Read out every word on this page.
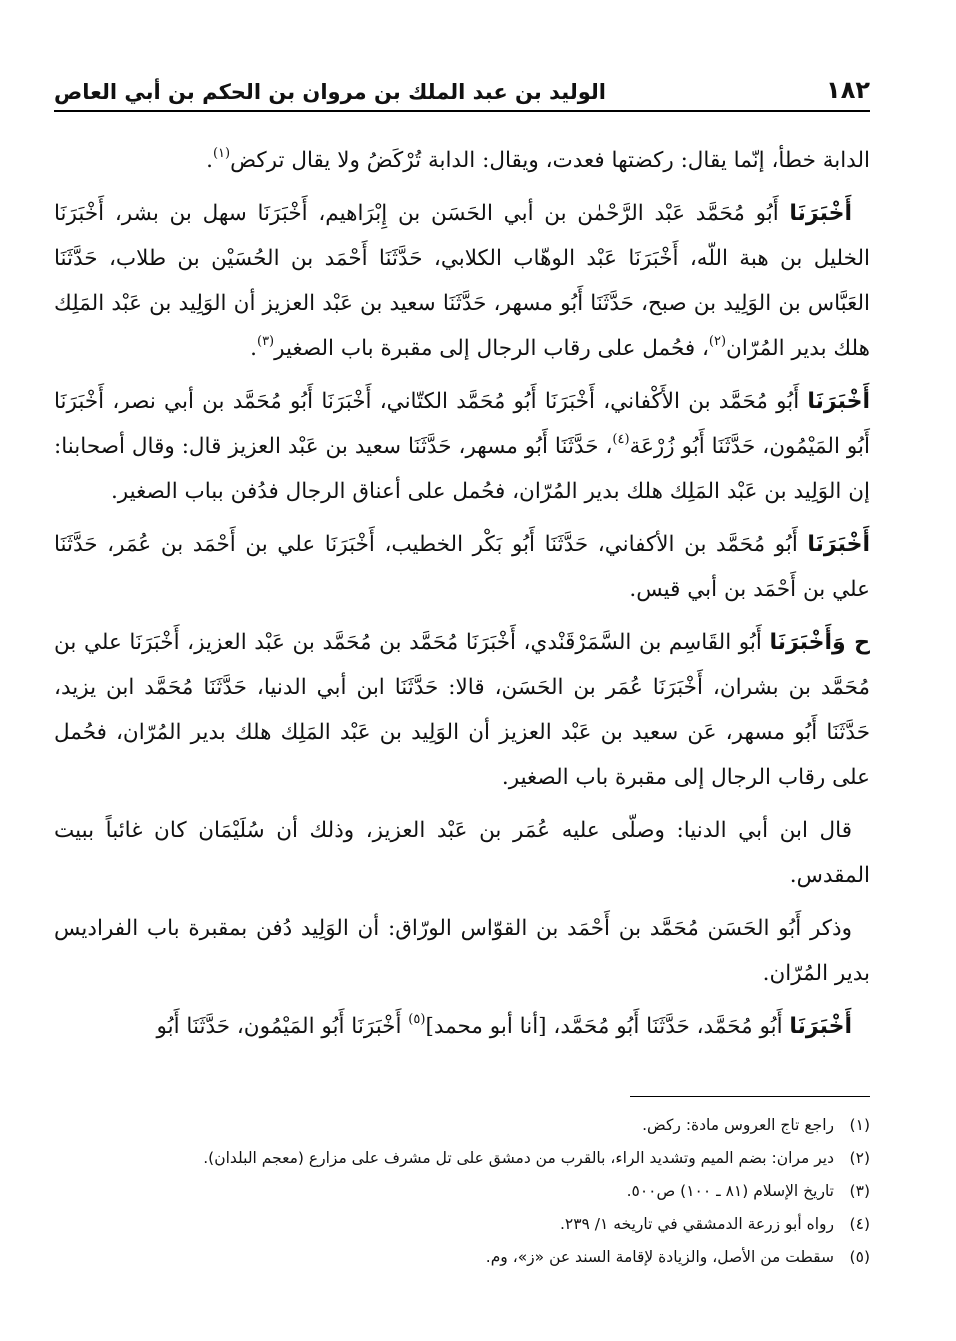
١٨٢
الوليد بن عبد الملك بن مروان بن الحكم بن أبي العاص

الدابة خطأ، إنّما يقال: ركضتها فعدت، ويقال: الدابة تُرْكَضُ ولا يقال تركض$^{(١)}$.

أَخْبَرَنَا أَبُو مُحَمَّد عَبْد الرَّحْمٰن بن أبي الحَسَن بن إِبْرَاهيم، أَخْبَرَنَا سهل بن بشر، أَخْبَرَنَا الخليل بن هبة اللّه، أَخْبَرَنَا عَبْد الوهّاب الكلابي، حَدَّثَنَا أَحْمَد بن الحُسَيْن بن طلاب، حَدَّثَنَا العَبَّاس بن الوَلِيد بن صبح، حَدَّثَنَا أَبُو مسهر، حَدَّثَنَا سعيد بن عَبْد العزيز أن الوَلِيد بن عَبْد المَلِك هلك بدير المُرّان$^{(٢)}$، فحُمل على رقاب الرجال إلى مقبرة باب الصغير$^{(٣)}$.

أَخْبَرَنَا أَبُو مُحَمَّد بن الأَكْفاني، أَخْبَرَنَا أَبُو مُحَمَّد الكتّاني، أَخْبَرَنَا أَبُو مُحَمَّد بن أبي نصر، أَخْبَرَنَا أَبُو المَيْمُون، حَدَّثَنَا أَبُو زُرْعَة$^{(٤)}$، حَدَّثَنَا أَبُو مسهر، حَدَّثَنَا سعيد بن عَبْد العزيز قال: وقال أصحابنا: إن الوَلِيد بن عَبْد المَلِك هلك بدير المُرّان، فحُمل على أعناق الرجال فدُفن بباب الصغير.

أَخْبَرَنَا أَبُو مُحَمَّد بن الأكفاني، حَدَّثَنَا أَبُو بَكْر الخطيب، أَخْبَرَنَا علي بن أَحْمَد بن عُمَر، حَدَّثَنَا علي بن أَحْمَد بن أبي قيس.

ح وَأَخْبَرَنَا أَبُو القَاسِم بن السَّمَرْقَنْدي، أَخْبَرَنَا مُحَمَّد بن مُحَمَّد بن عَبْد العزيز، أَخْبَرَنَا علي بن مُحَمَّد بن بشران، أَخْبَرَنَا عُمَر بن الحَسَن، قالا: حَدَّثَنَا ابن أبي الدنيا، حَدَّثَنَا مُحَمَّد ابن يزيد، حَدَّثَنَا أَبُو مسهر، عَن سعيد بن عَبْد العزيز أن الوَلِيد بن عَبْد المَلِك هلك بدير المُرّان، فحُمل على رقاب الرجال إلى مقبرة باب الصغير.

قال ابن أبي الدنيا: وصلّى عليه عُمَر بن عَبْد العزيز، وذلك أن سُلَيْمَان كان غائباً ببيت المقدس.

وذكر أَبُو الحَسَن مُحَمَّد بن أَحْمَد بن القوّاس الورّاق: أن الوَلِيد دُفن بمقبرة باب الفراديس بدير المُرّان.

أَخْبَرَنَا أَبُو مُحَمَّد، حَدَّثَنَا أَبُو مُحَمَّد، [أنا أبو محمد]$^{(٥)}$ أَخْبَرَنَا أَبُو المَيْمُون، حَدَّثَنَا أَبُو

(١)
راجع تاج العروس مادة: ركض.
(٢)
دير مران: بضم الميم وتشديد الراء، بالقرب من دمشق على تل مشرف على مزارع (معجم البلدان).
(٣)
تاريخ الإسلام (٨١ ـ ١٠٠) ص٥٠٠.
(٤)
رواه أبو زرعة الدمشقي في تاريخه ١/ ٢٣٩.
(٥)
سقطت من الأصل، والزيادة لإقامة السند عن «ز»، وم.
